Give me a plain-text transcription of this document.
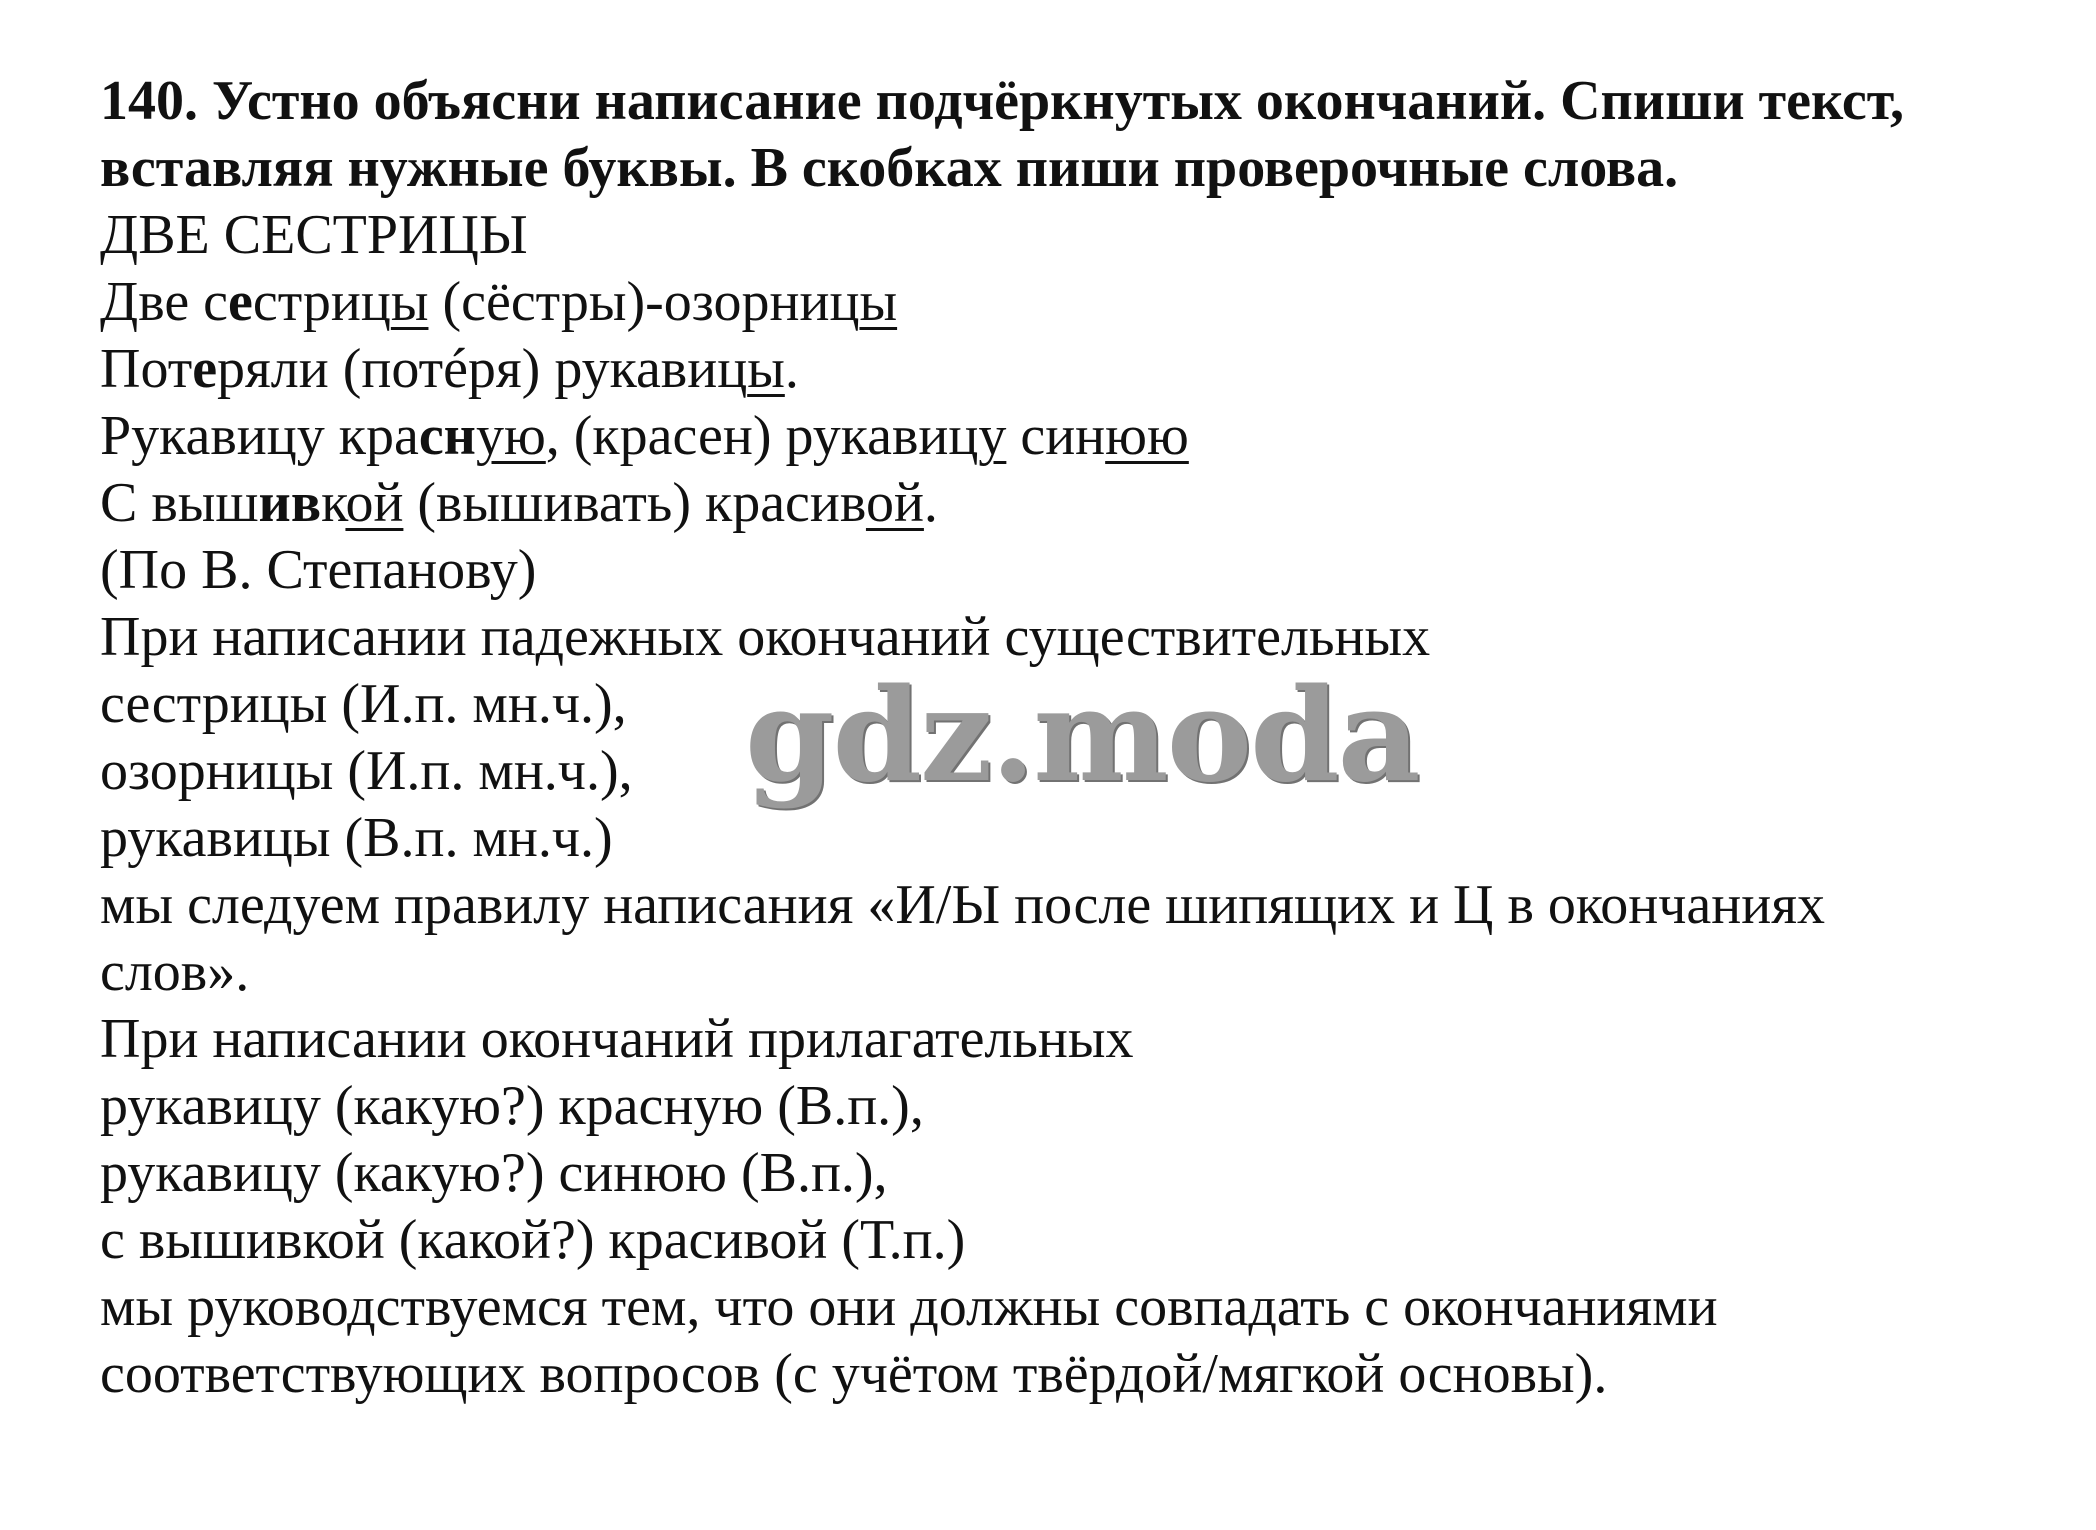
140. Устно объясни написание подчёркнутых окончаний. Спиши текст,
вставляя нужные буквы. В скобках пиши проверочные слова.
ДВЕ СЕСТРИЦЫ
Две сестрицы (сёстры)-озорницы
Потеряли (потéря) рукавицы.
Рукавицу красную, (красен) рукавицу синюю
С вышивкой (вышивать) красивой.
(По В. Степанову)
При написании падежных окончаний существительных
сестрицы (И.п. мн.ч.),
озорницы (И.п. мн.ч.),
рукавицы (В.п. мн.ч.)
мы следуем правилу написания «И/Ы после шипящих и Ц в окончаниях
слов».
При написании окончаний прилагательных
рукавицу (какую?) красную (В.п.),
рукавицу (какую?) синюю (В.п.),
с вышивкой (какой?) красивой (Т.п.)
мы руководствуемся тем, что они должны совпадать с окончаниями
соответствующих вопросов (с учётом твёрдой/мягкой основы).
gdz.moda
